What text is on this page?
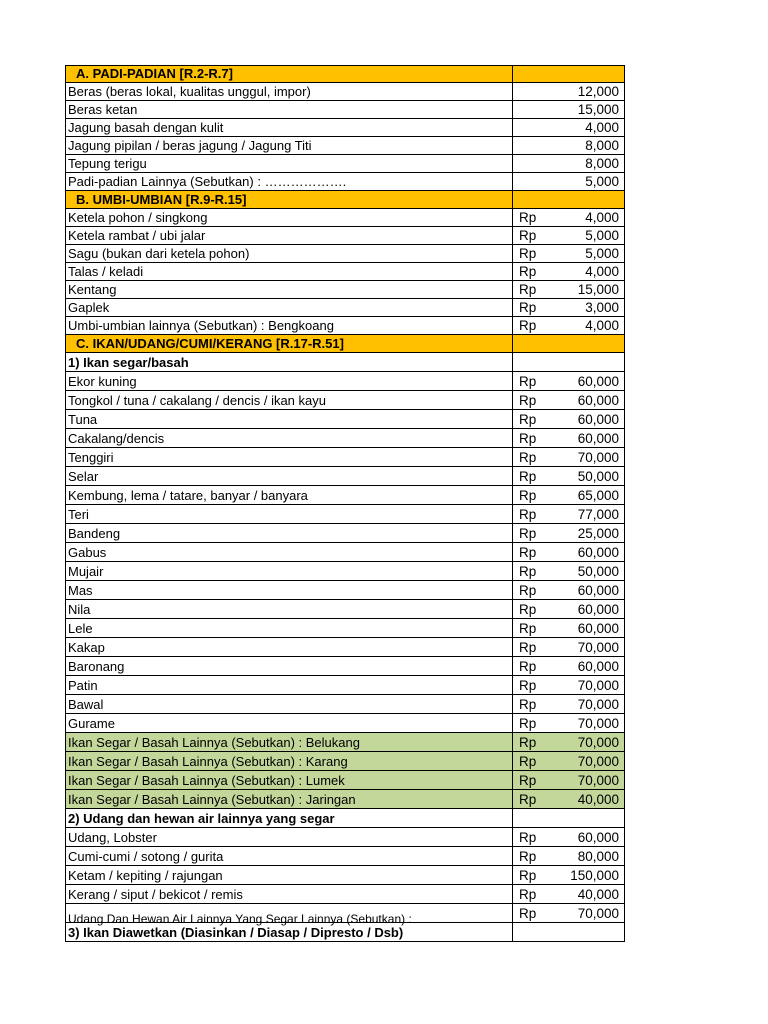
A. PADI-PADIAN [R.2-R.7]
Beras (beras lokal, kualitas unggul, impor)	12,000
Beras ketan	15,000
Jagung basah dengan kulit	4,000
Jagung pipilan / beras jagung / Jagung Titi	8,000
Tepung terigu	8,000
Padi-padian Lainnya (Sebutkan) : ……………….	5,000
B. UMBI-UMBIAN [R.9-R.15]
Ketela pohon / singkong	Rp	4,000
Ketela rambat / ubi jalar	Rp	5,000
Sagu (bukan dari ketela pohon)	Rp	5,000
Talas / keladi	Rp	4,000
Kentang	Rp	15,000
Gaplek	Rp	3,000
Umbi-umbian lainnya (Sebutkan) : Bengkoang	Rp	4,000
C. IKAN/UDANG/CUMI/KERANG [R.17-R.51]
1) Ikan segar/basah
Ekor kuning	Rp	60,000
Tongkol / tuna / cakalang / dencis / ikan kayu	Rp	60,000
Tuna	Rp	60,000
Cakalang/dencis	Rp	60,000
Tenggiri	Rp	70,000
Selar	Rp	50,000
Kembung, lema / tatare, banyar / banyara	Rp	65,000
Teri	Rp	77,000
Bandeng	Rp	25,000
Gabus	Rp	60,000
Mujair	Rp	50,000
Mas	Rp	60,000
Nila	Rp	60,000
Lele	Rp	60,000
Kakap	Rp	70,000
Baronang	Rp	60,000
Patin	Rp	70,000
Bawal	Rp	70,000
Gurame	Rp	70,000
Ikan Segar / Basah Lainnya (Sebutkan) : Belukang	Rp	70,000
Ikan Segar / Basah Lainnya (Sebutkan) : Karang	Rp	70,000
Ikan Segar / Basah Lainnya (Sebutkan) : Lumek	Rp	70,000
Ikan Segar / Basah Lainnya (Sebutkan) : Jaringan	Rp	40,000
2) Udang dan hewan air lainnya yang segar
Udang, Lobster	Rp	60,000
Cumi-cumi / sotong / gurita	Rp	80,000
Ketam / kepiting / rajungan	Rp	150,000
Kerang / siput / bekicot / remis	Rp	40,000
Udang Dan Hewan Air Lainnya Yang Segar Lainnya (Sebutkan) :	Rp	70,000
3) Ikan Diawetkan (Diasinkan / Diasap / Dipresto / Dsb)
